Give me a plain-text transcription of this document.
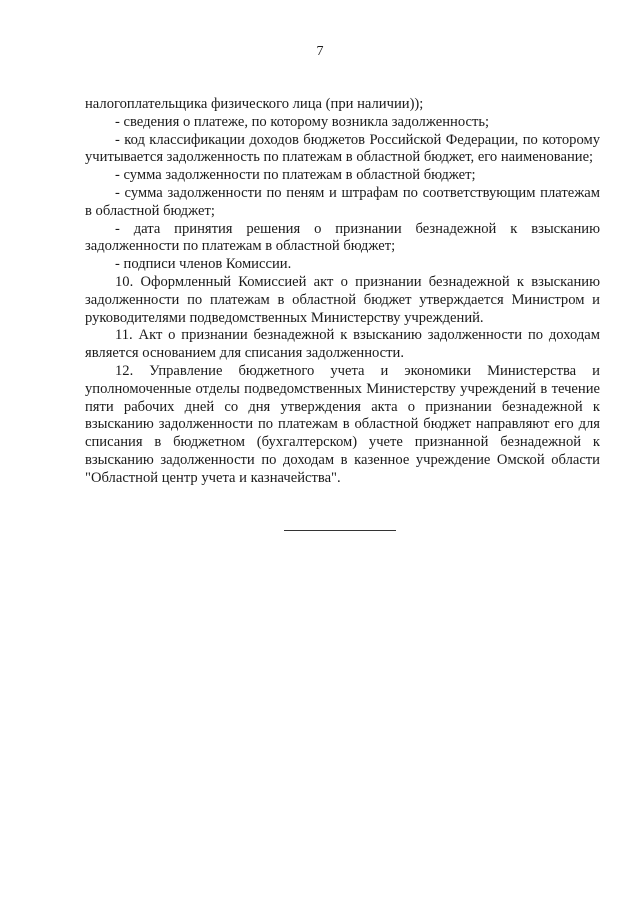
7

налогоплательщика физического лица (при наличии));

- сведения о платеже, по которому возникла задолженность;

- код классификации доходов бюджетов Российской Федерации, по которому учитывается задолженность по платежам в областной бюджет, его наименование;

- сумма задолженности по платежам в областной бюджет;

- сумма задолженности по пеням и штрафам по соответствующим платежам в областной бюджет;

- дата принятия решения о признании безнадежной к взысканию задолженности по платежам в областной бюджет;

- подписи членов Комиссии.

10. Оформленный Комиссией акт о признании безнадежной к взысканию задолженности по платежам в областной бюджет утверждается Министром и руководителями подведомственных Министерству учреждений.

11. Акт о признании безнадежной к взысканию задолженности по доходам является основанием для списания задолженности.

12. Управление бюджетного учета и экономики Министерства и уполномоченные отделы подведомственных Министерству учреждений в течение пяти рабочих дней со дня утверждения акта о признании безнадежной к взысканию задолженности по платежам в областной бюджет направляют его для списания в бюджетном (бухгалтерском) учете признанной безнадежной к взысканию задолженности по доходам в казенное учреждение Омской области "Областной центр учета и казначейства".
